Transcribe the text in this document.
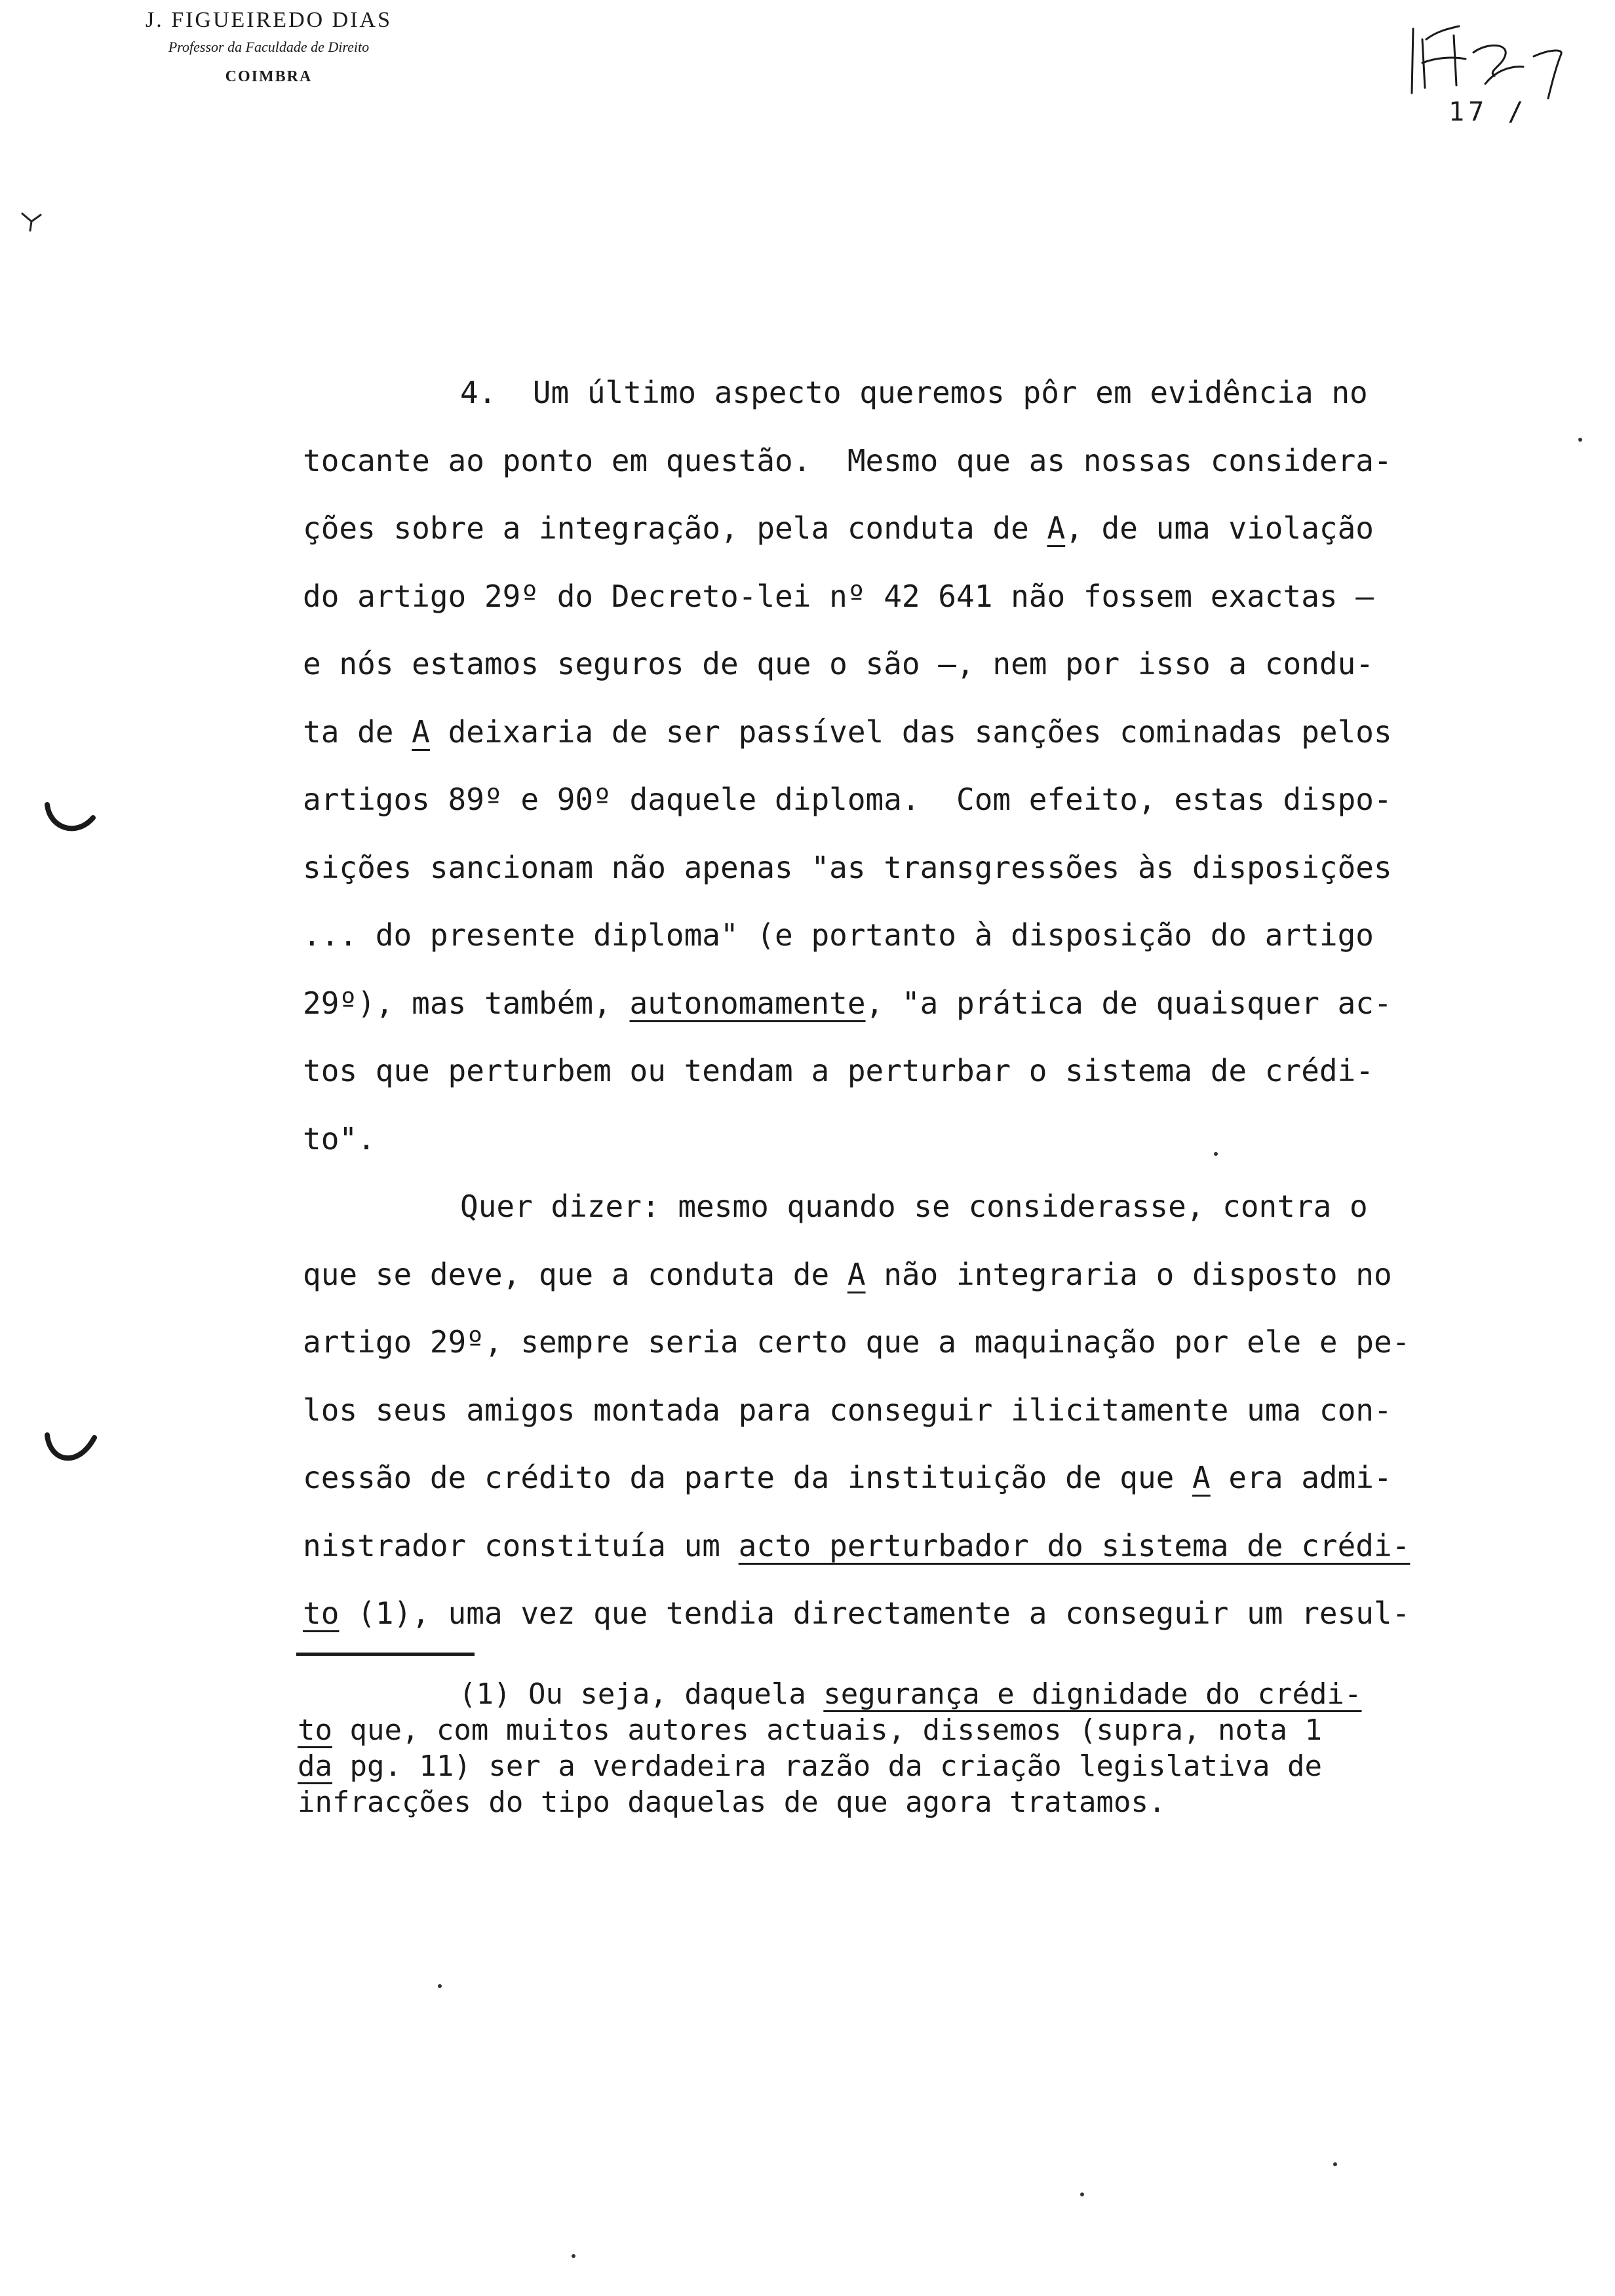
J. FIGUEIREDO DIAS
Professor da Faculdade de Direito
COIMBRA
17 /
4.  Um último aspecto queremos pôr em evidência no
tocante ao ponto em questão.  Mesmo que as nossas considera-
ções sobre a integração, pela conduta de A, de uma violação
do artigo 29º do Decreto-lei nº 42 641 não fossem exactas —
e nós estamos seguros de que o são —, nem por isso a condu-
ta de A deixaria de ser passível das sanções cominadas pelos
artigos 89º e 90º daquele diploma.  Com efeito, estas dispo-
sições sancionam não apenas "as transgressões às disposições
... do presente diploma" (e portanto à disposição do artigo
29º), mas também, autonomamente, "a prática de quaisquer ac-
tos que perturbem ou tendam a perturbar o sistema de crédi-
to".
Quer dizer: mesmo quando se considerasse, contra o
que se deve, que a conduta de A não integraria o disposto no
artigo 29º, sempre seria certo que a maquinação por ele e pe-
los seus amigos montada para conseguir ilicitamente uma con-
cessão de crédito da parte da instituição de que A era admi-
nistrador constituía um acto perturbador do sistema de crédi-
to (1), uma vez que tendia directamente a conseguir um resul-
(1) Ou seja, daquela segurança e dignidade do crédi-
to que, com muitos autores actuais, dissemos (supra, nota 1
da pg. 11) ser a verdadeira razão da criação legislativa de
infracções do tipo daquelas de que agora tratamos.
